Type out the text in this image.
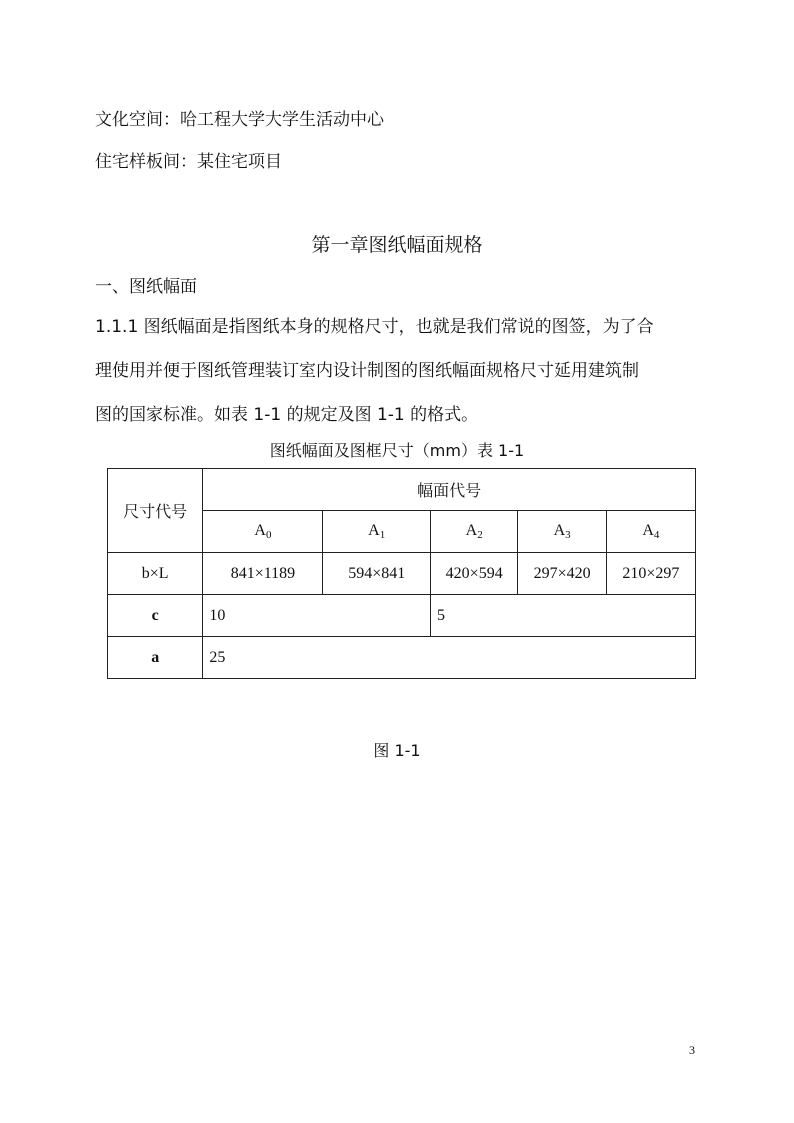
文化空间：哈工程大学大学生活动中心
住宅样板间：某住宅项目
第一章图纸幅面规格
一、图纸幅面
1.1.1 图纸幅面是指图纸本身的规格尺寸，也就是我们常说的图签，为了合
理使用并便于图纸管理装订室内设计制图的图纸幅面规格尺寸延用建筑制
图的国家标准。如表 1-1 的规定及图 1-1 的格式。
图纸幅面及图框尺寸（mm）表 1-1
尺寸代号	幅面代号				
	$A_0$	$A_1$	$A_2$	$A_3$	$A_4$
b×L	841×1189	594×841	420×594	297×420	210×297
c	10		5		
a	25				
图 1-1
3
